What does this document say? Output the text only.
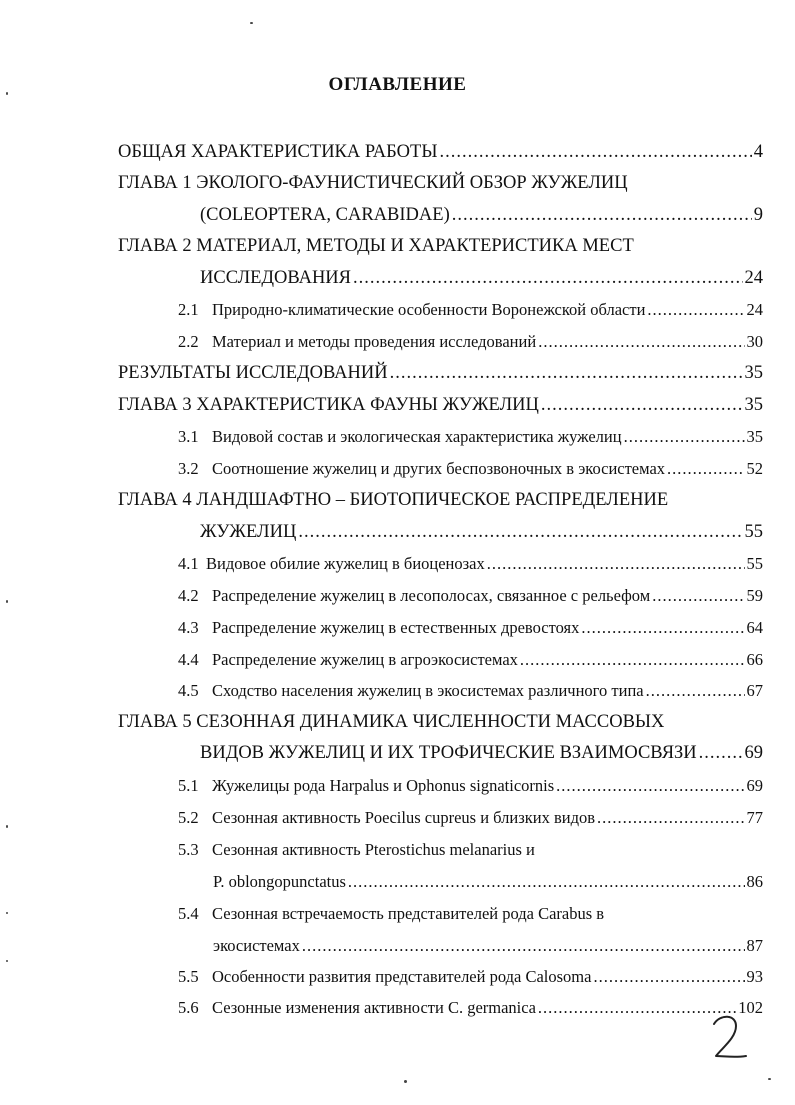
ОГЛАВЛЕНИЕ
ОБЩАЯ ХАРАКТЕРИСТИКА РАБОТЫ .....	4
ГЛАВА 1 ЭКОЛОГО-ФАУНИСТИЧЕСКИЙ ОБЗОР ЖУЖЕЛИЦ
(COLEOPTERA, CARABIDAE) .....	9
ГЛАВА 2 МАТЕРИАЛ, МЕТОДЫ И ХАРАКТЕРИСТИКА МЕСТ
ИССЛЕДОВАНИЯ .....	24
2.1 Природно-климатические особенности Воронежской области .....	24
2.2 Материал и методы проведения исследований .....	30
РЕЗУЛЬТАТЫ ИССЛЕДОВАНИЙ .....	35
ГЛАВА 3 ХАРАКТЕРИСТИКА ФАУНЫ ЖУЖЕЛИЦ .....	35
3.1 Видовой состав и экологическая характеристика жужелиц .....	35
3.2 Соотношение жужелиц и других беспозвоночных в экосистемах .....	52
ГЛАВА 4 ЛАНДШАФТНО – БИОТОПИЧЕСКОЕ РАСПРЕДЕЛЕНИЕ
ЖУЖЕЛИЦ .....	55
4.1 Видовое обилие жужелиц в биоценозах .....	55
4.2 Распределение жужелиц в лесополосах, связанное с рельефом .....	59
4.3 Распределение жужелиц в естественных древостоях .....	64
4.4 Распределение жужелиц в агроэкосистемах .....	66
4.5 Сходство населения жужелиц в экосистемах различного типа .....	67
ГЛАВА 5 СЕЗОННАЯ ДИНАМИКА ЧИСЛЕННОСТИ МАССОВЫХ
ВИДОВ ЖУЖЕЛИЦ И ИХ ТРОФИЧЕСКИЕ ВЗАИМОСВЯЗИ .....	69
5.1 Жужелицы рода Harpalus и Ophonus signaticornis .....	69
5.2 Сезонная активность Poecilus cupreus и близких видов .....	77
5.3 Сезонная активность Pterostichus melanarius и
P. oblongopunctatus .....	86
5.4 Сезонная встречаемость представителей рода Carabus в
экосистемах .....	87
5.5 Особенности развития представителей рода Calosoma .....	93
5.6 Сезонные изменения активности C. germanica .....	102
